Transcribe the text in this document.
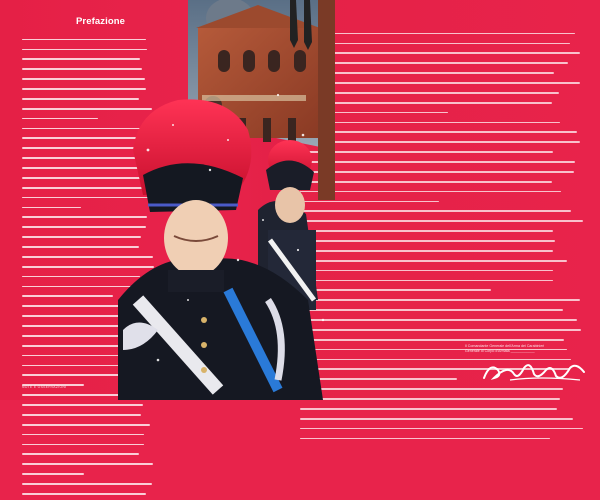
Prefazione
NOTE E OSSERVAZIONI
Il Comandante Generale dell'Arma dei Carabinieri
Generale di Corpo d'Armata ____________
